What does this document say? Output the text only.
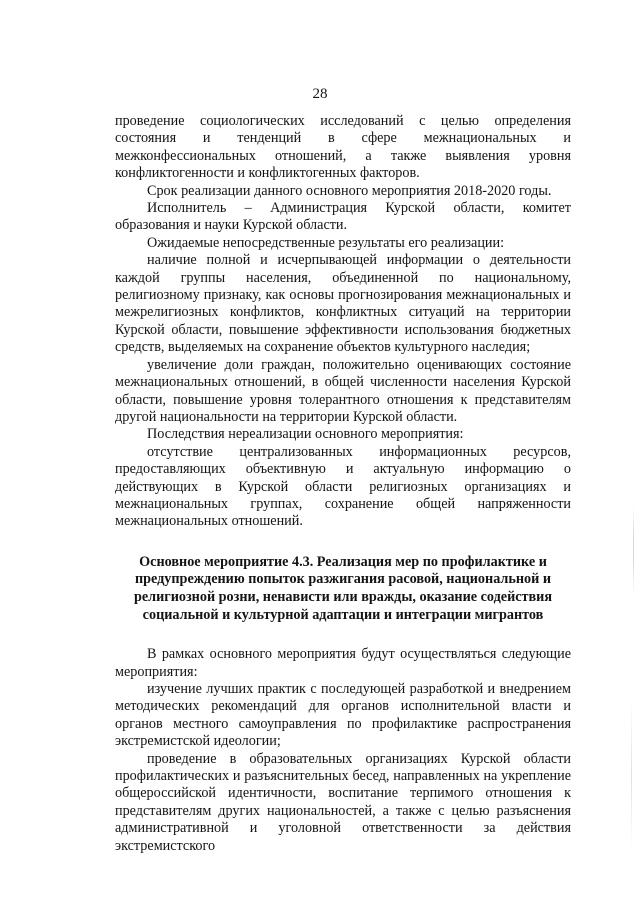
28

проведение социологических исследований с целью определения состояния и тенденций в сфере межнациональных и межконфессиональных отношений, а также выявления уровня конфликтогенности и конфликтогенных факторов.

Срок реализации данного основного мероприятия 2018-2020 годы.

Исполнитель – Администрация Курской области, комитет образования и науки Курской области.

Ожидаемые непосредственные результаты его реализации:

наличие полной и исчерпывающей информации о деятельности каждой группы населения, объединенной по национальному, религиозному признаку, как основы прогнозирования межнациональных и межрелигиозных конфликтов, конфликтных ситуаций на территории Курской области, повышение эффективности использования бюджетных средств, выделяемых на сохранение объектов культурного наследия;

увеличение доли граждан, положительно оценивающих состояние межнациональных отношений, в общей численности населения Курской области, повышение уровня толерантного отношения к представителям другой национальности на территории Курской области.

Последствия нереализации основного мероприятия:

отсутствие централизованных информационных ресурсов, предоставляющих объективную и актуальную информацию о действующих в Курской области религиозных организациях и межнациональных группах, сохранение общей напряженности межнациональных отношений.

Основное мероприятие 4.3. Реализация мер по профилактике и предупреждению попыток разжигания расовой, национальной и религиозной розни, ненависти или вражды, оказание содействия социальной и культурной адаптации и интеграции мигрантов

В рамках основного мероприятия будут осуществляться следующие мероприятия:

изучение лучших практик с последующей разработкой и внедрением методических рекомендаций для органов исполнительной власти и органов местного самоуправления по профилактике распространения экстремистской идеологии;

проведение в образовательных организациях Курской области профилактических и разъяснительных бесед, направленных на укрепление общероссийской идентичности, воспитание терпимого отношения к представителям других национальностей, а также с целью разъяснения административной и уголовной ответственности за действия экстремистского
